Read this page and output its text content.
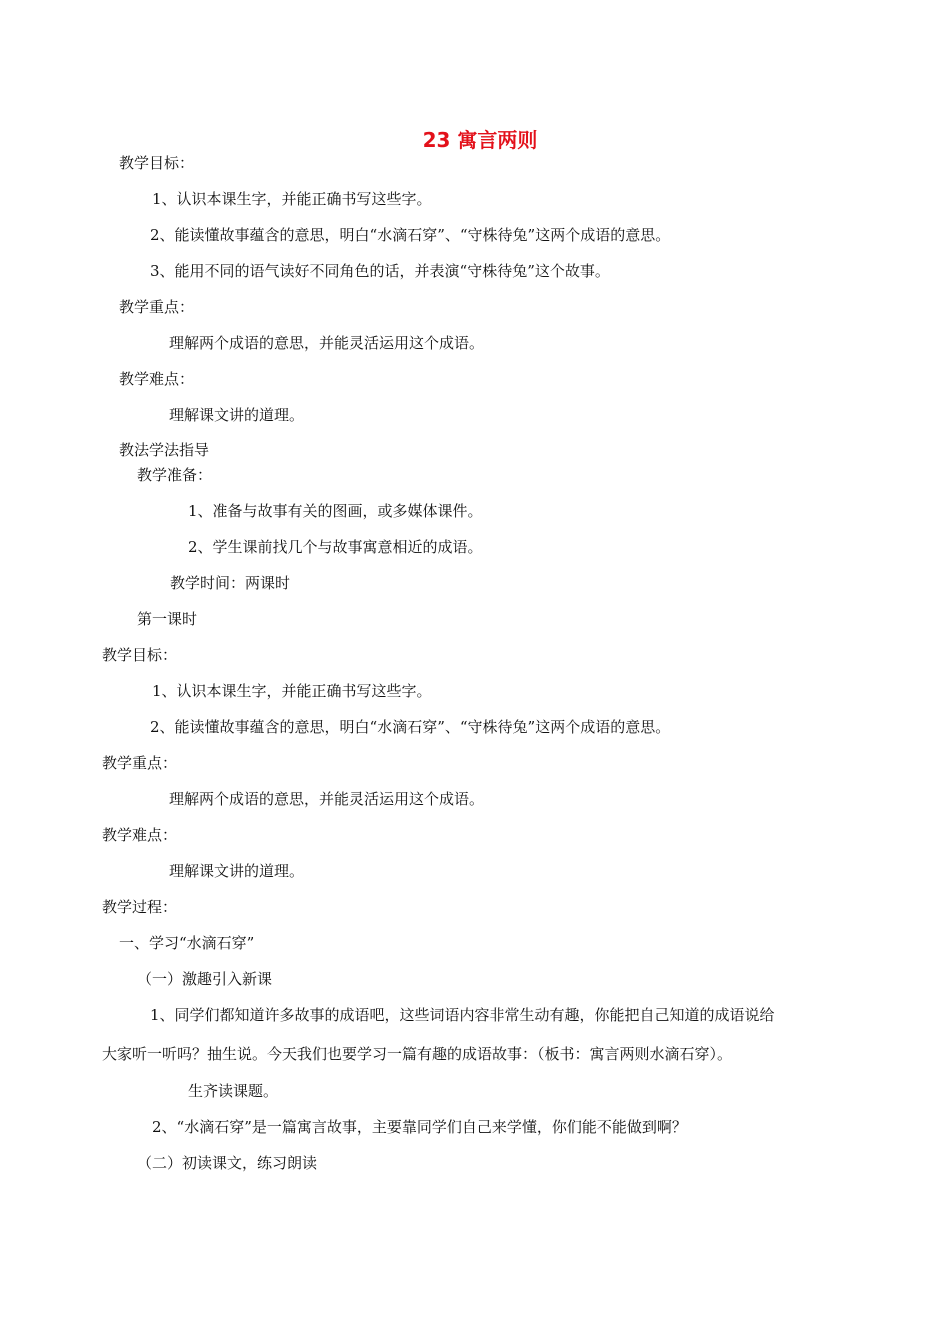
23 寓言两则
教学目标：
1、认识本课生字，并能正确书写这些字。
2、能读懂故事蕴含的意思，明白“水滴石穿”、“守株待兔”这两个成语的意思。
3、能用不同的语气读好不同角色的话，并表演“守株待兔”这个故事。
教学重点：
理解两个成语的意思，并能灵活运用这个成语。
教学难点：
理解课文讲的道理。
教法学法指导
教学准备：
1、准备与故事有关的图画，或多媒体课件。
2、学生课前找几个与故事寓意相近的成语。
教学时间：两课时
第一课时
教学目标：
1、认识本课生字，并能正确书写这些字。
2、能读懂故事蕴含的意思，明白“水滴石穿”、“守株待兔”这两个成语的意思。
教学重点：
理解两个成语的意思，并能灵活运用这个成语。
教学难点：
理解课文讲的道理。
教学过程：
一、学习“水滴石穿”
（一）激趣引入新课
1、同学们都知道许多故事的成语吧，这些词语内容非常生动有趣，你能把自己知道的成语说给
大家听一听吗？抽生说。今天我们也要学习一篇有趣的成语故事：（板书：寓言两则水滴石穿）。
生齐读课题。
2、“水滴石穿”是一篇寓言故事，主要靠同学们自己来学懂，你们能不能做到啊？
（二）初读课文，练习朗读
